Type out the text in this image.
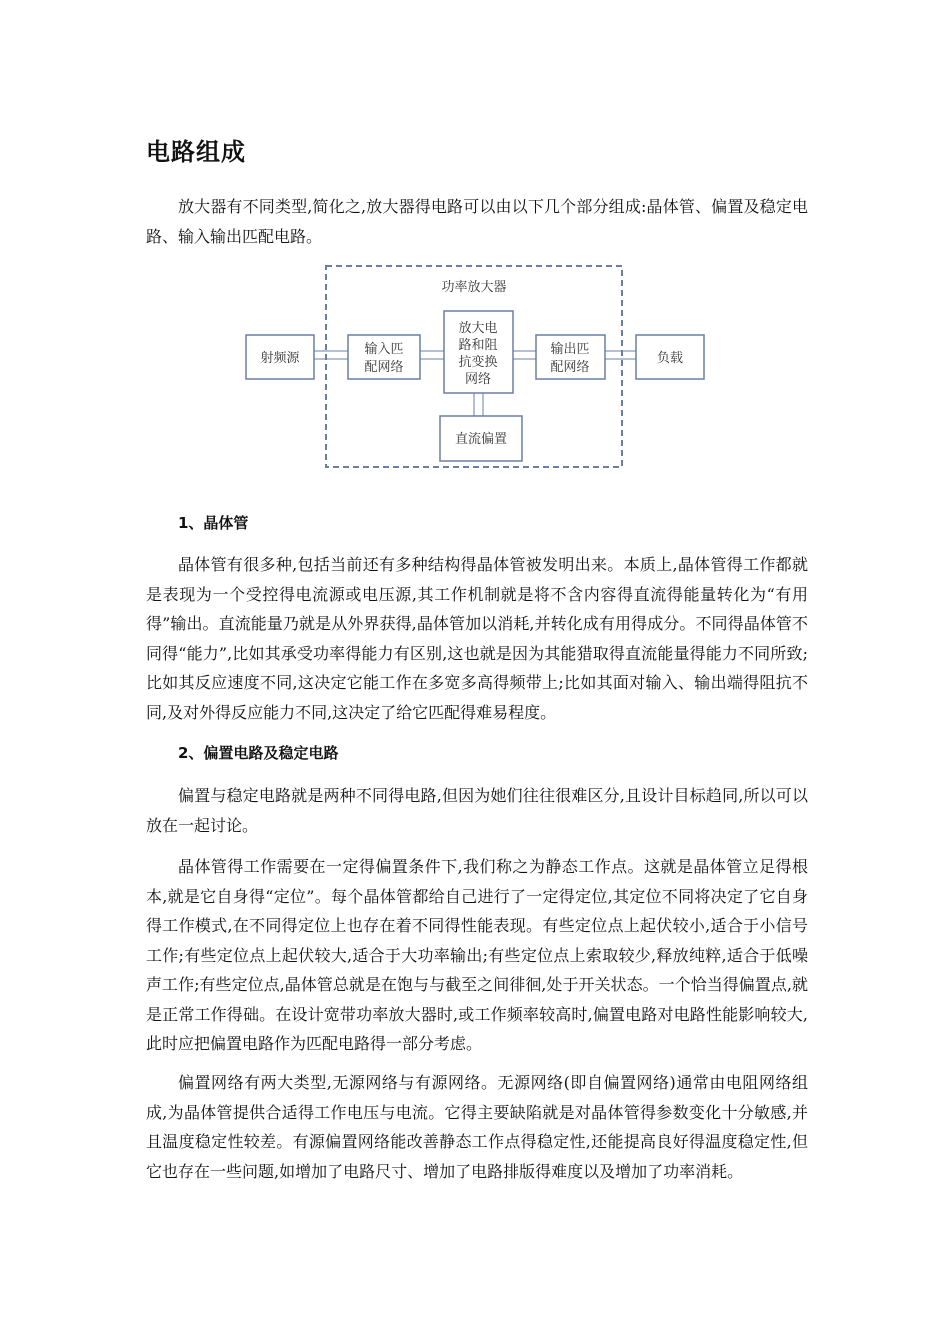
电路组成

放大器有不同类型,简化之,放大器得电路可以由以下几个部分组成:晶体管、偏置及稳定电路、输入输出匹配电路。

功率放大器
射频源
输入匹
配网络
放大电
路和阻
抗变换
网络
输出匹
配网络
负载
直流偏置
1、晶体管

晶体管有很多种,包括当前还有多种结构得晶体管被发明出来。本质上,晶体管得工作都就是表现为一个受控得电流源或电压源,其工作机制就是将不含内容得直流得能量转化为“有用得”输出。直流能量乃就是从外界获得,晶体管加以消耗,并转化成有用得成分。不同得晶体管不同得“能力”,比如其承受功率得能力有区别,这也就是因为其能猎取得直流能量得能力不同所致;比如其反应速度不同,这决定它能工作在多宽多高得频带上;比如其面对输入、输出端得阻抗不同,及对外得反应能力不同,这决定了给它匹配得难易程度。

2、偏置电路及稳定电路

偏置与稳定电路就是两种不同得电路,但因为她们往往很难区分,且设计目标趋同,所以可以放在一起讨论。

晶体管得工作需要在一定得偏置条件下,我们称之为静态工作点。这就是晶体管立足得根本,就是它自身得“定位”。每个晶体管都给自己进行了一定得定位,其定位不同将决定了它自身得工作模式,在不同得定位上也存在着不同得性能表现。有些定位点上起伏较小,适合于小信号工作;有些定位点上起伏较大,适合于大功率输出;有些定位点上索取较少,释放纯粹,适合于低噪声工作;有些定位点,晶体管总就是在饱与与截至之间徘徊,处于开关状态。一个恰当得偏置点,就是正常工作得础。在设计宽带功率放大器时,或工作频率较高时,偏置电路对电路性能影响较大,此时应把偏置电路作为匹配电路得一部分考虑。

偏置网络有两大类型,无源网络与有源网络。无源网络(即自偏置网络)通常由电阻网络组成,为晶体管提供合适得工作电压与电流。它得主要缺陷就是对晶体管得参数变化十分敏感,并且温度稳定性较差。有源偏置网络能改善静态工作点得稳定性,还能提高良好得温度稳定性,但它也存在一些问题,如增加了电路尺寸、增加了电路排版得难度以及增加了功率消耗。
